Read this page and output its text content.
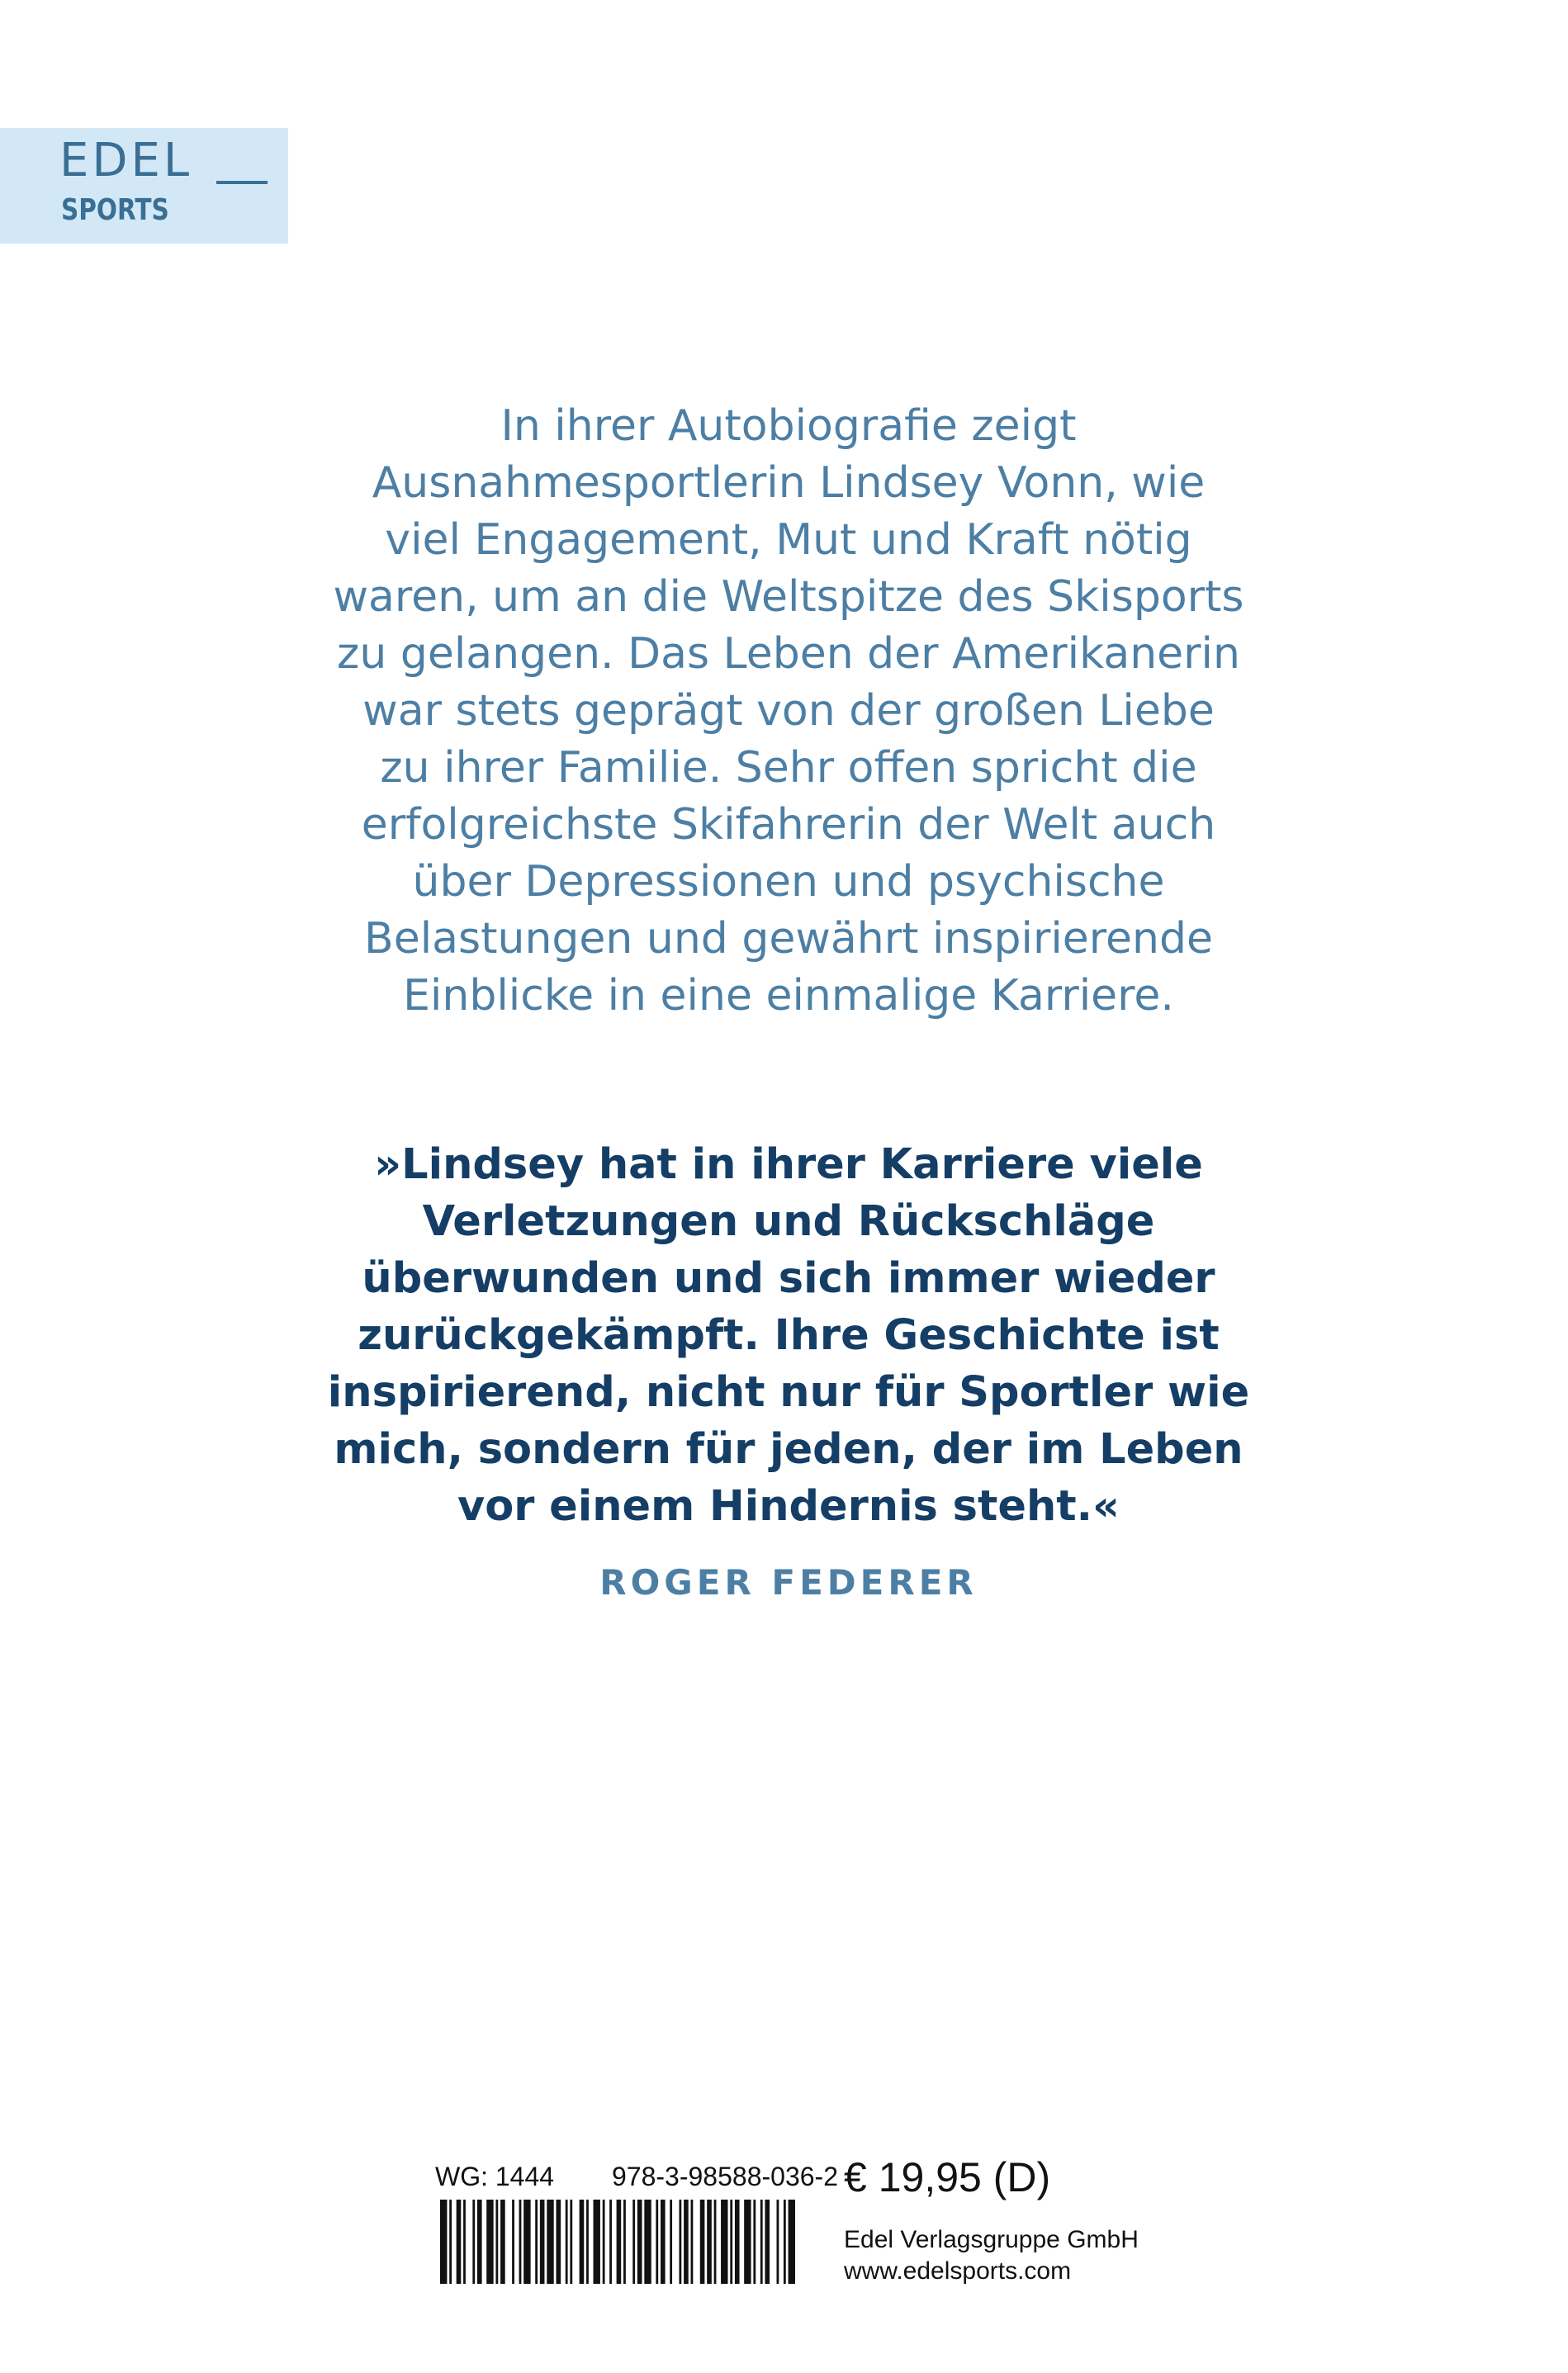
EDEL
SPORTS
In ihrer Autobiografie zeigt
Ausnahmesportlerin Lindsey Vonn, wie
viel Engagement, Mut und Kraft nötig
waren, um an die Weltspitze des Skisports
zu gelangen. Das Leben der Amerikanerin
war stets geprägt von der großen Liebe
zu ihrer Familie. Sehr offen spricht die
erfolgreichste Skifahrerin der Welt auch
über Depressionen und psychische
Belastungen und gewährt inspirierende
Einblicke in eine einmalige Karriere.
»Lindsey hat in ihrer Karriere viele
Verletzungen und Rückschläge
überwunden und sich immer wieder
zurückgekämpft. Ihre Geschichte ist
inspirierend, nicht nur für Sportler wie
mich, sondern für jeden, der im Leben
vor einem Hindernis steht.«
ROGER FEDERER
WG: 1444 978-3-98588-036-2 € 19,95 (D)
Edel Verlagsgruppe GmbH
www.edelsports.com
